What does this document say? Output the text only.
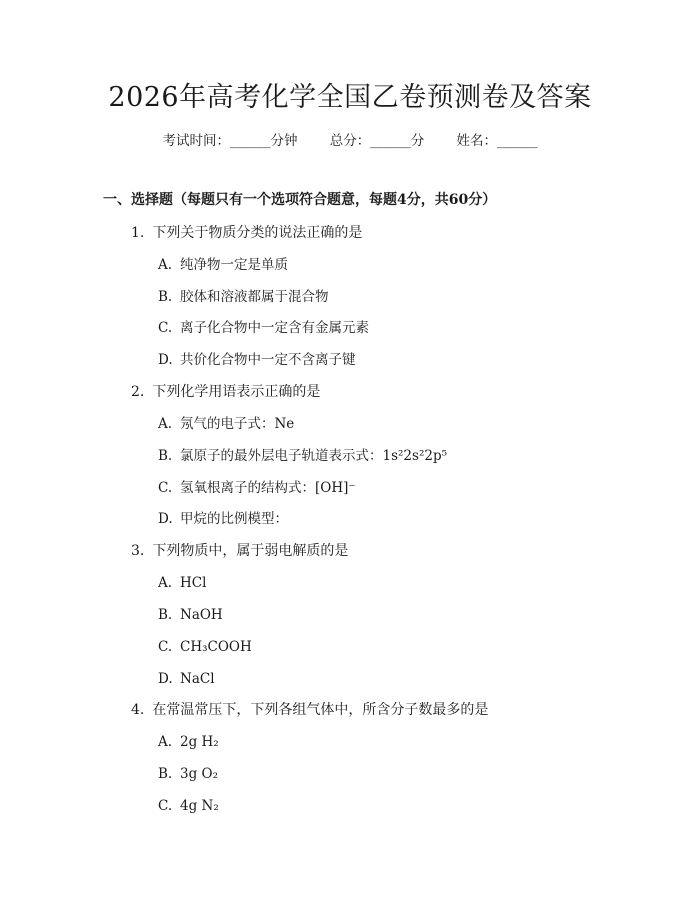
2026年高考化学全国乙卷预测卷及答案
考试时间：______分钟 总分：______分 姓名：______
一、选择题（每题只有一个选项符合题意，每题4分，共60分）
1. 下列关于物质分类的说法正确的是
A. 纯净物一定是单质
B. 胶体和溶液都属于混合物
C. 离子化合物中一定含有金属元素
D. 共价化合物中一定不含离子键
2. 下列化学用语表示正确的是
A. 氖气的电子式：Ne
B. 氯原子的最外层电子轨道表示式：1s²2s²2p⁵
C. 氢氧根离子的结构式：[OH]⁻
D. 甲烷的比例模型：
3. 下列物质中，属于弱电解质的是
A. HCl
B. NaOH
C. CH₃COOH
D. NaCl
4. 在常温常压下，下列各组气体中，所含分子数最多的是
A. 2g H₂
B. 3g O₂
C. 4g N₂
